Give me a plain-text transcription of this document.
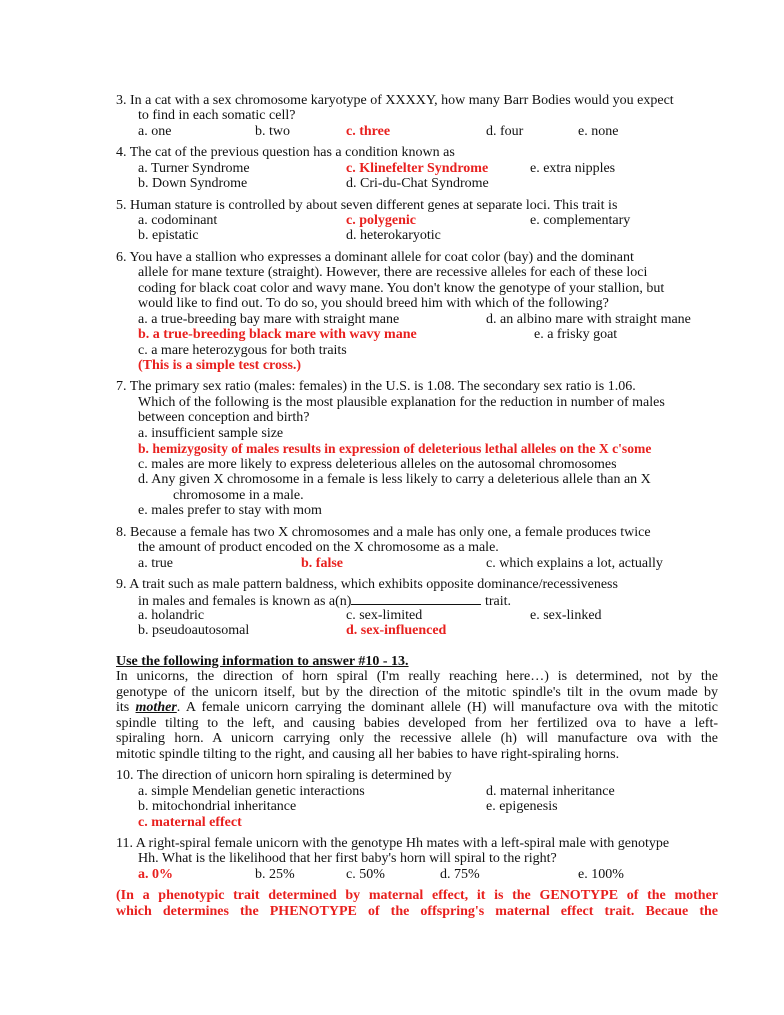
3. In a cat with a sex chromosome karyotype of XXXXY, how many Barr Bodies would you expect
to find in each somatic cell?
a. one	b. two	c. three	d. four	e. none
4. The cat of the previous question has a condition known as
a. Turner Syndrome	c. Klinefelter Syndrome	e. extra nipples
b. Down Syndrome	d. Cri-du-Chat Syndrome
5. Human stature is controlled by about seven different genes at separate loci. This trait is
a. codominant	c. polygenic	e. complementary
b. epistatic	d. heterokaryotic
6. You have a stallion who expresses a dominant allele for coat color (bay) and the dominant
allele for mane texture (straight). However, there are recessive alleles for each of these loci
coding for black coat color and wavy mane. You don't know the genotype of your stallion, but
would like to find out. To do so, you should breed him with which of the following?
a. a true-breeding bay mare with straight mane	d. an albino mare with straight mane
b. a true-breeding black mare with wavy mane	e. a frisky goat
c. a mare heterozygous for both traits
(This is a simple test cross.)
7. The primary sex ratio (males: females) in the U.S. is 1.08. The secondary sex ratio is 1.06.
Which of the following is the most plausible explanation for the reduction in number of males
between conception and birth?
a. insufficient sample size
b. hemizygosity of males results in expression of deleterious lethal alleles on the X c'some
c. males are more likely to express deleterious alleles on the autosomal chromosomes
d. Any given X chromosome in a female is less likely to carry a deleterious allele than an X
chromosome in a male.
e. males prefer to stay with mom
8. Because a female has two X chromosomes and a male has only one, a female produces twice
the amount of product encoded on the X chromosome as a male.
a. true	b. false	c. which explains a lot, actually
9. A trait such as male pattern baldness, which exhibits opposite dominance/recessiveness
in males and females is known as a(n)	trait.
a. holandric	c. sex-limited	e. sex-linked
b. pseudoautosomal	d. sex-influenced
Use the following information to answer #10 - 13.
In unicorns, the direction of horn spiral (I'm really reaching here…) is determined, not by the
genotype of the unicorn itself, but by the direction of the mitotic spindle's tilt in the ovum made by
its mother. A female unicorn carrying the dominant allele (H) will manufacture ova with the mitotic
spindle tilting to the left, and causing babies developed from her fertilized ova to have a left-
spiraling horn. A unicorn carrying only the recessive allele (h) will manufacture ova with the
mitotic spindle tilting to the right, and causing all her babies to have right-spiraling horns.
10. The direction of unicorn horn spiraling is determined by
a. simple Mendelian genetic interactions	d. maternal inheritance
b. mitochondrial inheritance	e. epigenesis
c. maternal effect
11. A right-spiral female unicorn with the genotype Hh mates with a left-spiral male with genotype
Hh. What is the likelihood that her first baby's horn will spiral to the right?
a. 0%	b. 25%	c. 50%	d. 75%	e. 100%
(In a phenotypic trait determined by maternal effect, it is the GENOTYPE of the mother
which determines the PHENOTYPE of the offspring's maternal effect trait. Becaue the
